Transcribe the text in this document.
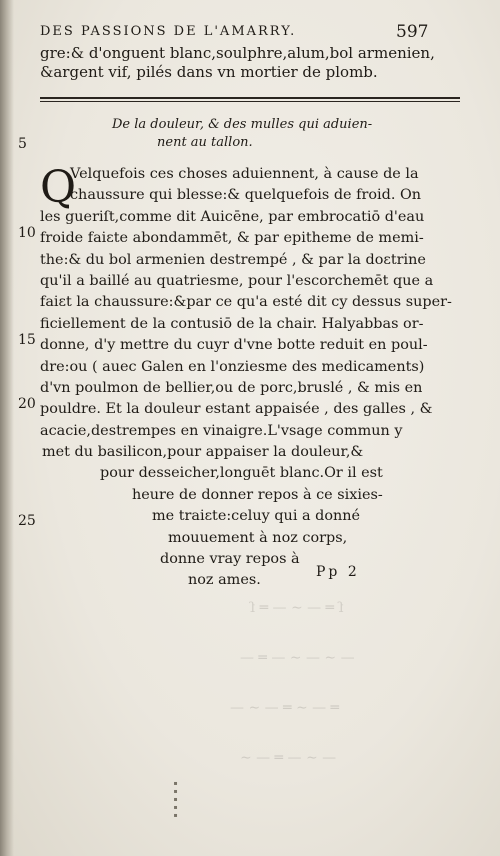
DES PASSIONS DE L'AMARRY.	597
gre:& d'onguent blanc,soulphre,alum,bol armenien,
&argent vif, pilés dans vn mortier de plomb.
De la douleur, & des mulles qui aduien-
nent au tallon.
5
10
15
20
25
Q
Velquefois ces choses aduiennent, à cause de la
chaussure qui blesse:& quelquefois de froid. On
les gueriſt,comme dit Auicēne, par embrocatiō d'eau
froide faiɛte abondammēt, & par epitheme de memi-
the:& du bol armenien destrempé , & par la doɛtrine
qu'il a baillé au quatriesme, pour l'escorchemēt que a
faiɛt la chaussure:&par ce qu'a esté dit cy dessus super-
ficiellement de la contusiō de la chair. Halyabbas or-
donne, d'y mettre du cuyr d'vne botte reduit en poul-
dre:ou ( auec Galen en l'onziesme des medicaments)
d'vn poulmon de bellier,ou de porc,bruslé , & mis en
pouldre. Et la douleur estant appaisée , des galles , &
acacie,destrempes en vinaigre.L'vsage commun y
met du basilicon,pour appaiser la douleur,&
pour desseicher,longuēt blanc.Or il est
heure de donner repos à ce sixies-
me traiɛte:celuy qui a donné
mouuement à noz corps,
donne vray repos à
noz ames.
Pp 2
ſ ═ — ∽ — ═ ſ
— ∽ — ∽ — ═ —
═ — ∽ ═ — ∽ —
— ∽ — ═ — ∽
▪▪▪▪▪
